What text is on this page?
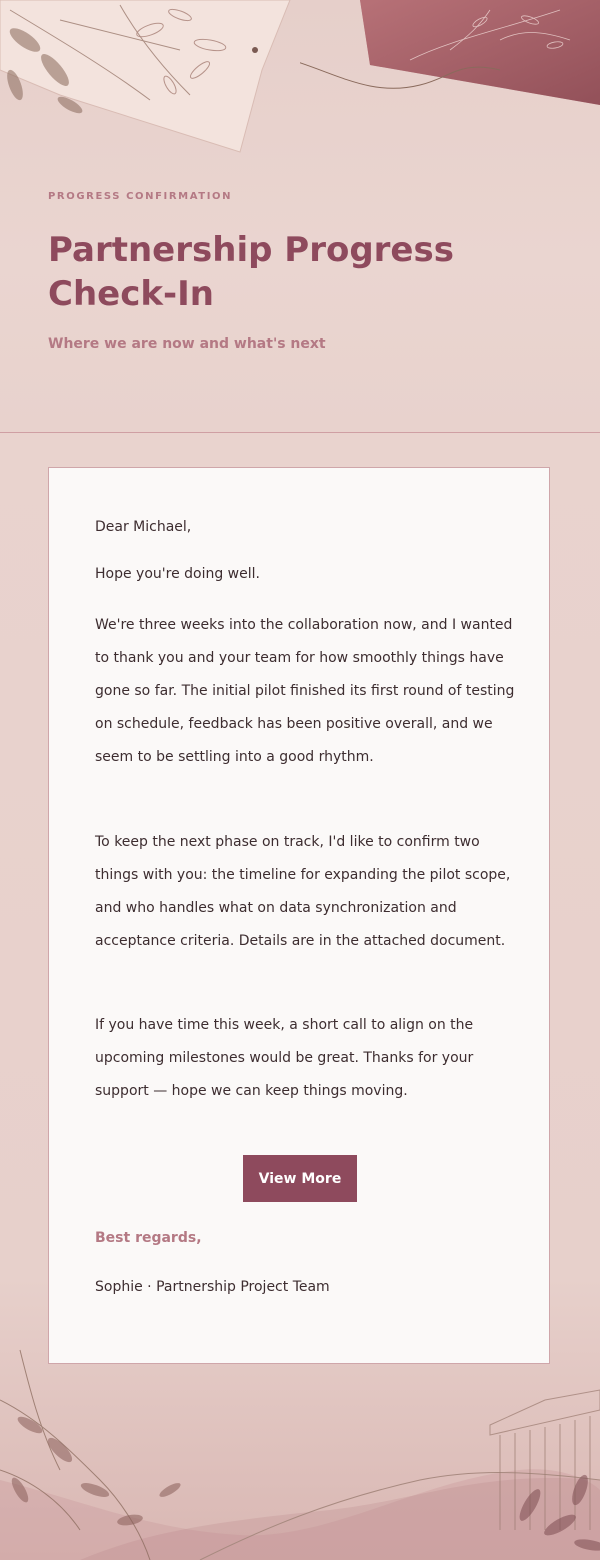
PROGRESS CONFIRMATION
Partnership Progress Check-In
Where we are now and what's next

Dear Michael,

Hope you're doing well.

We're three weeks into the collaboration now, and I wanted to thank you and your team for how smoothly things have gone so far. The initial pilot finished its first round of testing on schedule, feedback has been positive overall, and we seem to be settling into a good rhythm.

To keep the next phase on track, I'd like to confirm two things with you: the timeline for expanding the pilot scope, and who handles what on data synchronization and acceptance criteria. Details are in the attached document.

If you have time this week, a short call to align on the upcoming milestones would be great. Thanks for your support — hope we can keep things moving.

View More
Best regards,
Sophie · Partnership Project Team
